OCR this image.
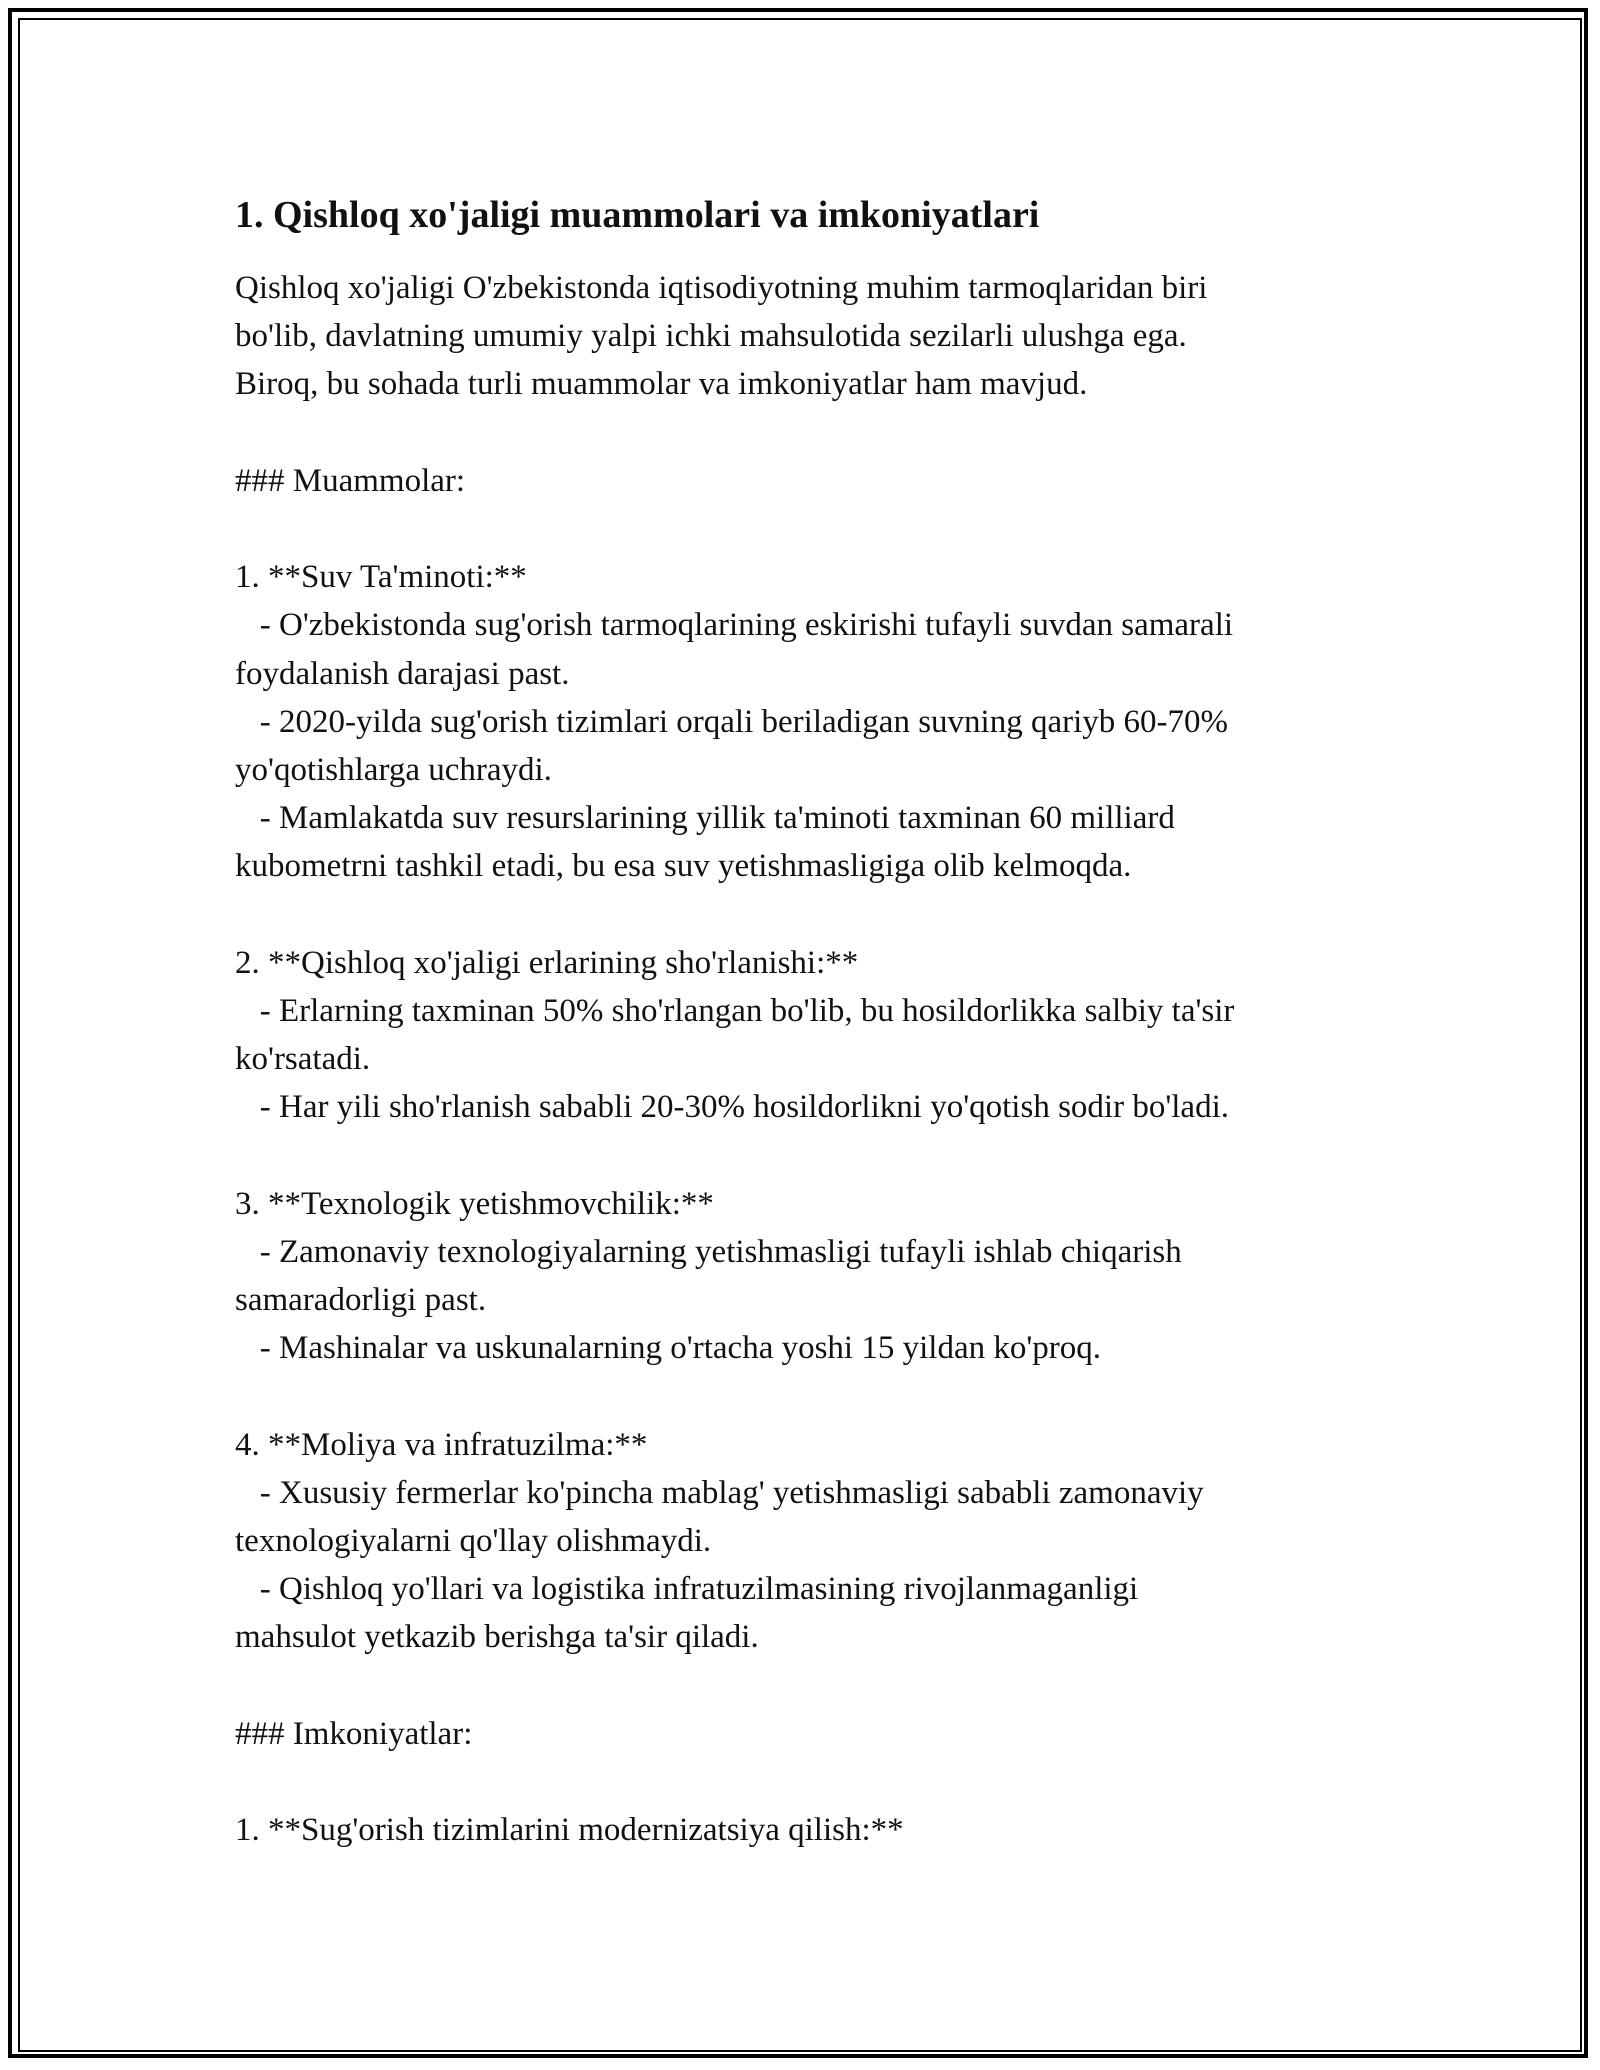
1. Qishloq xo'jaligi muammolari va imkoniyatlari
Qishloq xo'jaligi O'zbekistonda iqtisodiyotning muhim tarmoqlaridan biri
bo'lib, davlatning umumiy yalpi ichki mahsulotida sezilarli ulushga ega.
Biroq, bu sohada turli muammolar va imkoniyatlar ham mavjud.
### Muammolar:
1. **Suv Ta'minoti:**
- O'zbekistonda sug'orish tarmoqlarining eskirishi tufayli suvdan samarali
foydalanish darajasi past.
- 2020-yilda sug'orish tizimlari orqali beriladigan suvning qariyb 60-70%
yo'qotishlarga uchraydi.
- Mamlakatda suv resurslarining yillik ta'minoti taxminan 60 milliard
kubometrni tashkil etadi, bu esa suv yetishmasligiga olib kelmoqda.
2. **Qishloq xo'jaligi erlarining sho'rlanishi:**
- Erlarning taxminan 50% sho'rlangan bo'lib, bu hosildorlikka salbiy ta'sir
ko'rsatadi.
- Har yili sho'rlanish sababli 20-30% hosildorlikni yo'qotish sodir bo'ladi.
3. **Texnologik yetishmovchilik:**
- Zamonaviy texnologiyalarning yetishmasligi tufayli ishlab chiqarish
samaradorligi past.
- Mashinalar va uskunalarning o'rtacha yoshi 15 yildan ko'proq.
4. **Moliya va infratuzilma:**
- Xususiy fermerlar ko'pincha mablag' yetishmasligi sababli zamonaviy
texnologiyalarni qo'llay olishmaydi.
- Qishloq yo'llari va logistika infratuzilmasining rivojlanmaganligi
mahsulot yetkazib berishga ta'sir qiladi.
### Imkoniyatlar:
1. **Sug'orish tizimlarini modernizatsiya qilish:**
